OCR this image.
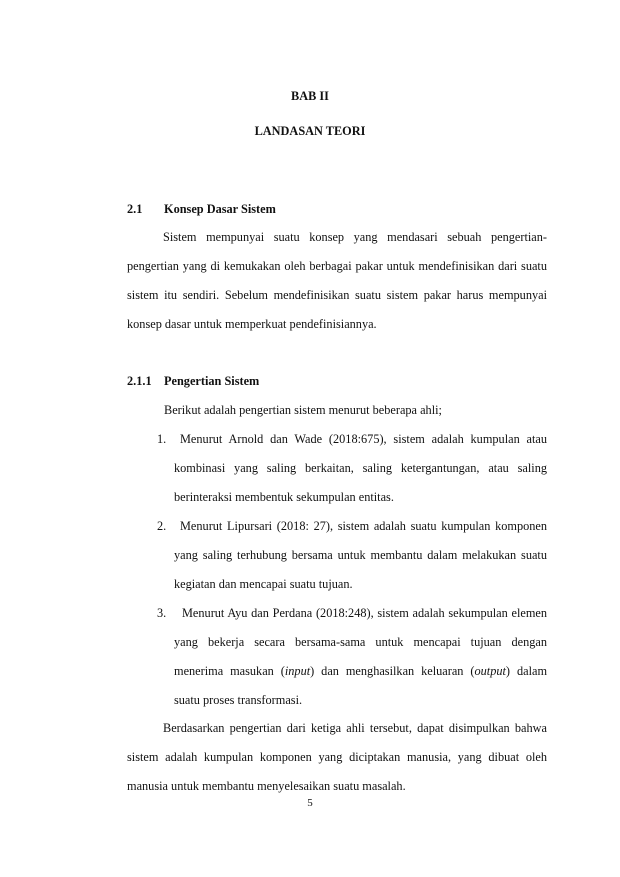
BAB II
LANDASAN TEORI
2.1 Konsep Dasar Sistem
Sistem mempunyai suatu konsep yang mendasari sebuah pengertian-
pengertian yang di kemukakan oleh berbagai pakar untuk mendefinisikan dari suatu
sistem itu sendiri. Sebelum mendefinisikan suatu sistem pakar harus mempunyai
konsep dasar untuk memperkuat pendefinisiannya.
2.1.1 Pengertian Sistem
Berikut adalah pengertian sistem menurut beberapa ahli;
1. Menurut Arnold dan Wade (2018:675), sistem adalah kumpulan atau
kombinasi yang saling berkaitan, saling ketergantungan, atau saling
berinteraksi membentuk sekumpulan entitas.
2. Menurut Lipursari (2018: 27), sistem adalah suatu kumpulan komponen
yang saling terhubung bersama untuk membantu dalam melakukan suatu
kegiatan dan mencapai suatu tujuan.
3. Menurut Ayu dan Perdana (2018:248), sistem adalah sekumpulan elemen
yang bekerja secara bersama-sama untuk mencapai tujuan dengan
menerima masukan (input) dan menghasilkan keluaran (output) dalam
suatu proses transformasi.
Berdasarkan pengertian dari ketiga ahli tersebut, dapat disimpulkan bahwa
sistem adalah kumpulan komponen yang diciptakan manusia, yang dibuat oleh
manusia untuk membantu menyelesaikan suatu masalah.
5
